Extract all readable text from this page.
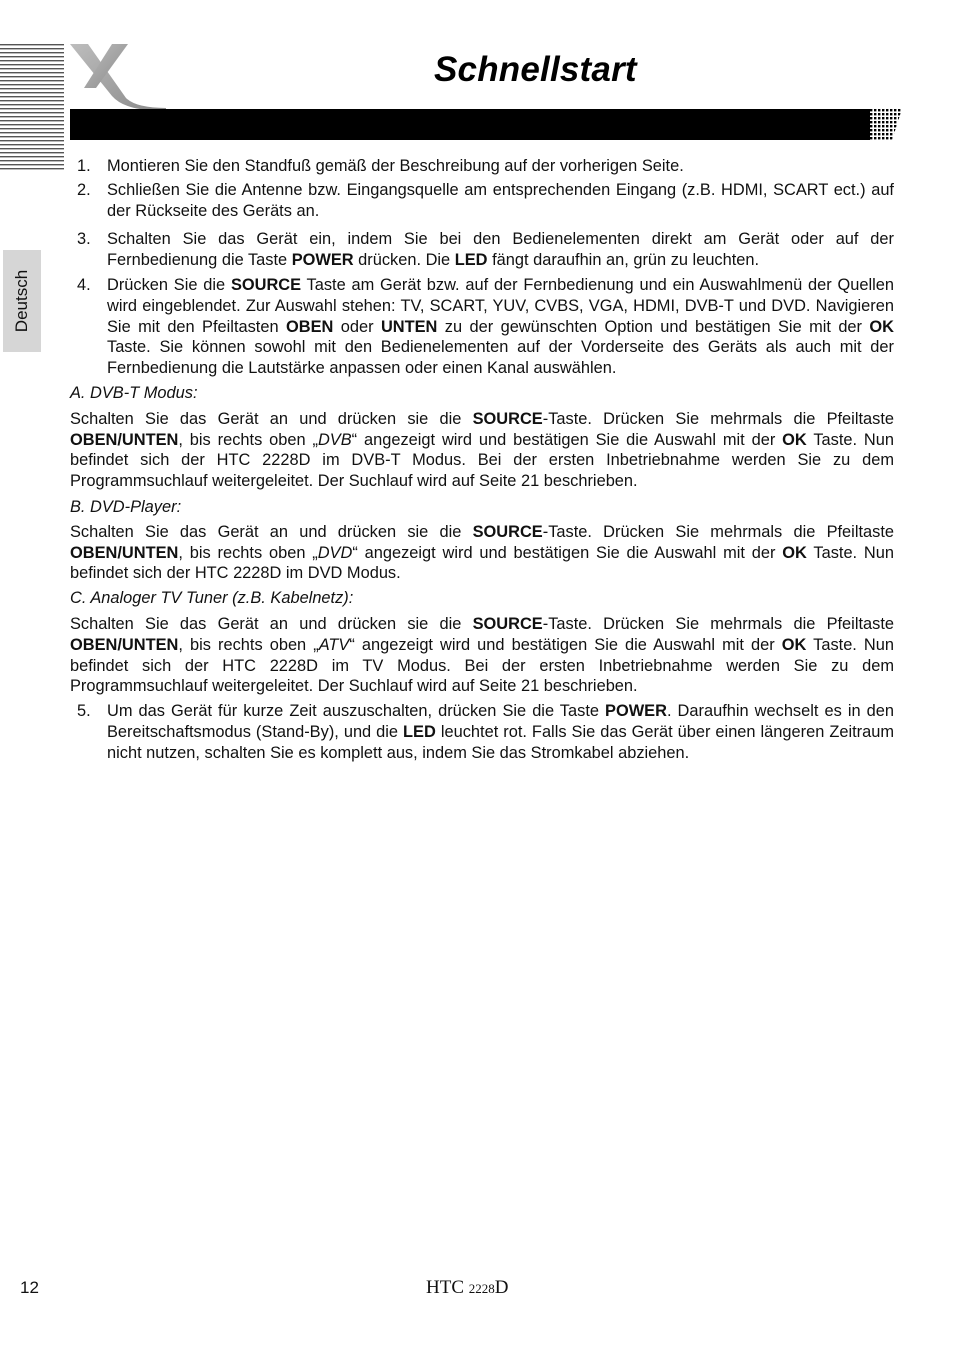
Schnellstart
Deutsch
1. Montieren Sie den Standfuß gemäß der Beschreibung auf der vorherigen Seite.

2. Schließen Sie die Antenne bzw. Eingangsquelle am entsprechenden Eingang (z.B. HDMI, SCART ect.) auf der Rückseite des Geräts an.

3. Schalten Sie das Gerät ein, indem Sie bei den Bedienelementen direkt am Gerät oder auf der Fernbedienung die Taste POWER drücken. Die LED fängt daraufhin an, grün zu leuchten.

4. Drücken Sie die SOURCE Taste am Gerät bzw. auf der Fernbedienung und ein Auswahlmenü der Quellen wird eingeblendet. Zur Auswahl stehen: TV, SCART, YUV, CVBS, VGA, HDMI, DVB-T und DVD. Navigieren Sie mit den Pfeiltasten OBEN oder UNTEN zu der gewünschten Option und bestätigen Sie mit der OK Taste. Sie können sowohl mit den Bedienelementen auf der Vorderseite des Geräts als auch mit der Fernbedienung die Lautstärke anpassen oder einen Kanal auswählen.

A. DVB-T Modus:

Schalten Sie das Gerät an und drücken sie die SOURCE-Taste. Drücken Sie mehrmals die Pfeiltaste OBEN/UNTEN, bis rechts oben „DVB“ angezeigt wird und bestätigen Sie die Auswahl mit der OK Taste. Nun befindet sich der HTC 2228D im DVB-T Modus. Bei der ersten Inbetriebnahme werden Sie zu dem Programmsuchlauf weitergeleitet. Der Suchlauf wird auf Seite 21 beschrieben.

B. DVD-Player:

Schalten Sie das Gerät an und drücken sie die SOURCE-Taste. Drücken Sie mehrmals die Pfeiltaste OBEN/UNTEN, bis rechts oben „DVD“ angezeigt wird und bestätigen Sie die Auswahl mit der OK Taste. Nun befindet sich der HTC 2228D im DVD Modus.

C. Analoger TV Tuner (z.B. Kabelnetz):

Schalten Sie das Gerät an und drücken sie die SOURCE-Taste. Drücken Sie mehrmals die Pfeiltaste OBEN/UNTEN, bis rechts oben „ATV“ angezeigt wird und bestätigen Sie die Auswahl mit der OK Taste. Nun befindet sich der HTC 2228D im TV Modus. Bei der ersten Inbetriebnahme werden Sie zu dem Programmsuchlauf weitergeleitet. Der Suchlauf wird auf Seite 21 beschrieben.

5. Um das Gerät für kurze Zeit auszuschalten, drücken Sie die Taste POWER. Daraufhin wechselt es in den Bereitschaftsmodus (Stand-By), und die LED leuchtet rot. Falls Sie das Gerät über einen längeren Zeitraum nicht nutzen, schalten Sie es komplett aus, indem Sie das Stromkabel abziehen.

12	HTC 2228D
